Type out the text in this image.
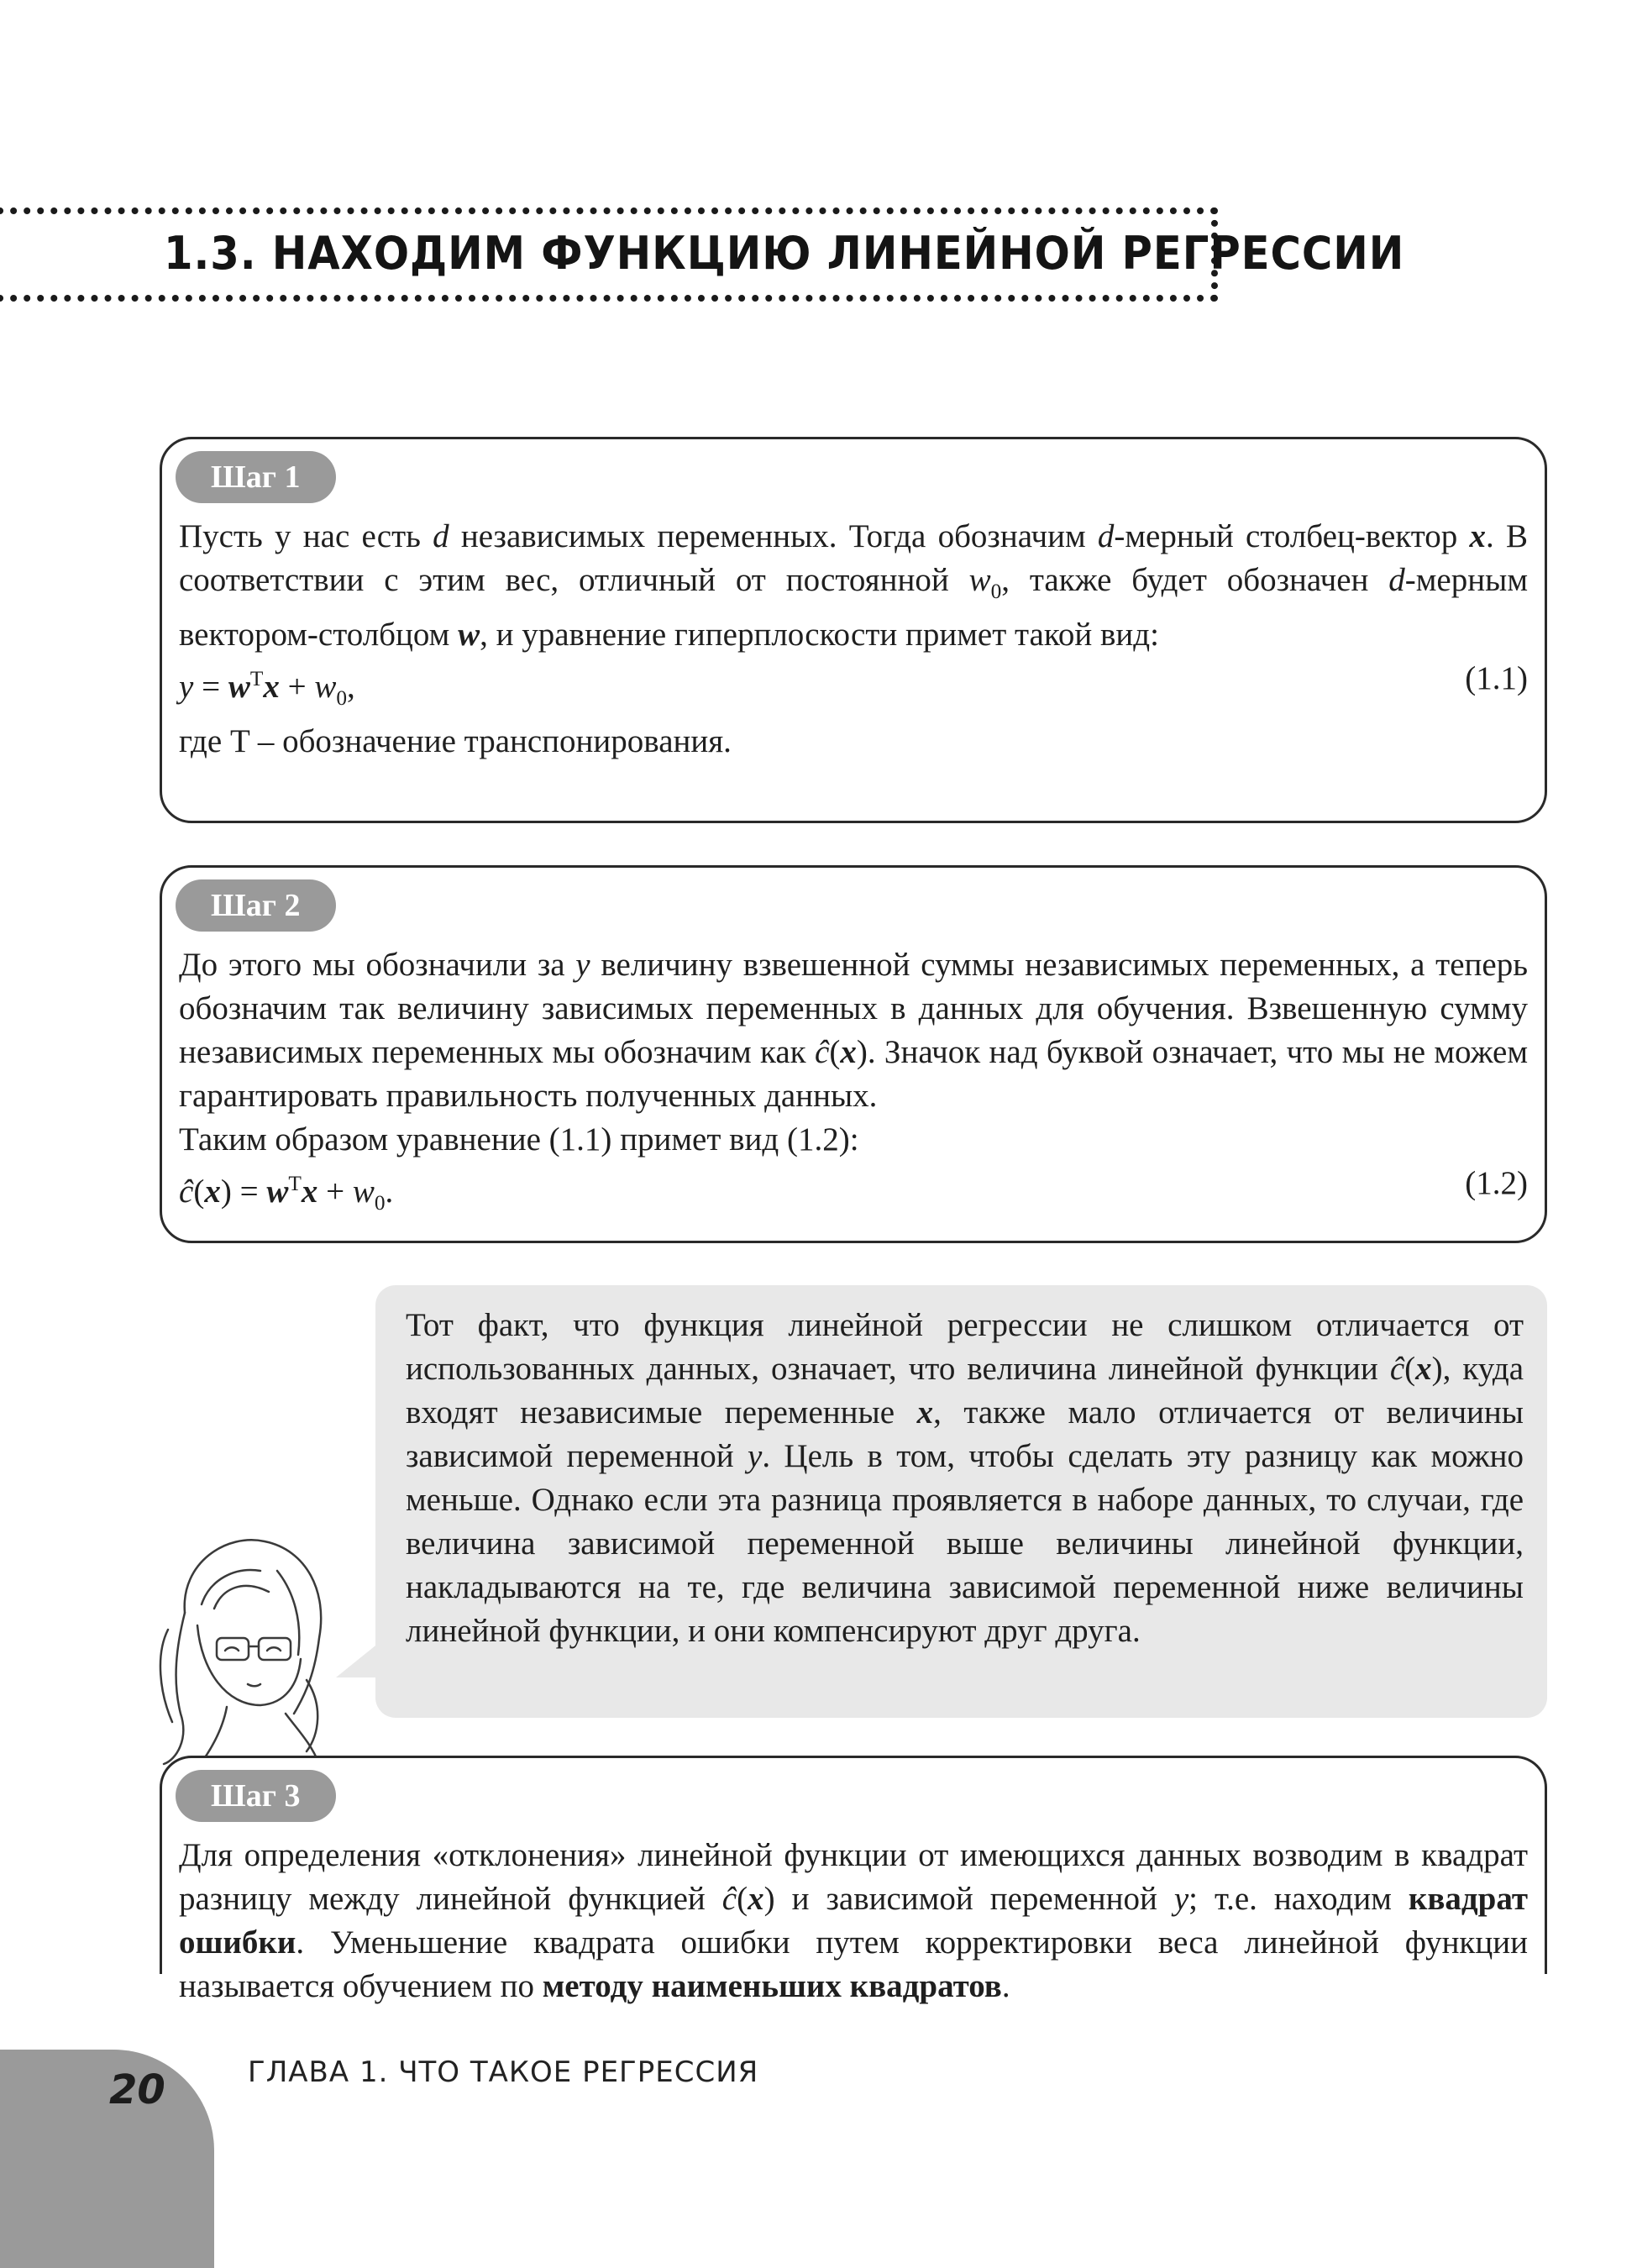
1.3. НАХОДИМ ФУНКЦИЮ ЛИНЕЙНОЙ РЕГРЕССИИ
Шаг 1

Пусть у нас есть d независимых переменных. Тогда обозначим d-мерный столбец-вектор x. В соответствии с этим вес, отличный от постоянной $w_0$, также будет обозначен d-мерным вектором-столбцом w, и уравнение гиперплоскости примет такой вид:

$y = w^Tx + w_0$,	(1.1)

где T – обозначение транспонирования.

Шаг 2

До этого мы обозначили за y величину взвешенной суммы независимых переменных, а теперь обозначим так величину зависимых переменных в данных для обучения. Взвешенную сумму независимых переменных мы обозначим как ĉ(x). Значок над буквой означает, что мы не можем гарантировать правильность полученных данных.

Таким образом уравнение (1.1) примет вид (1.2):

ĉ(x) = $w^Tx + w_0$.	(1.2)

Тот факт, что функция линейной регрессии не слишком отличается от использованных данных, означает, что величина линейной функции ĉ(x), куда входят независимые переменные x, также мало отличается от величины зависимой переменной y. Цель в том, чтобы сделать эту разницу как можно меньше. Однако если эта разница проявляется в наборе данных, то случаи, где величина зависимой переменной выше величины линейной функции, накладываются на те, где величина зависимой переменной ниже величины линейной функции, и они компенсируют друг друга.

Шаг 3

Для определения «отклонения» линейной функции от имеющихся данных возводим в квадрат разницу между линейной функцией ĉ(x) и зависимой переменной y; т.е. находим квадрат ошибки. Уменьшение квадрата ошибки путем корректировки веса линейной функции называется обучением по методу наименьших квадратов.

20	ГЛАВА 1. ЧТО ТАКОЕ РЕГРЕССИЯ
